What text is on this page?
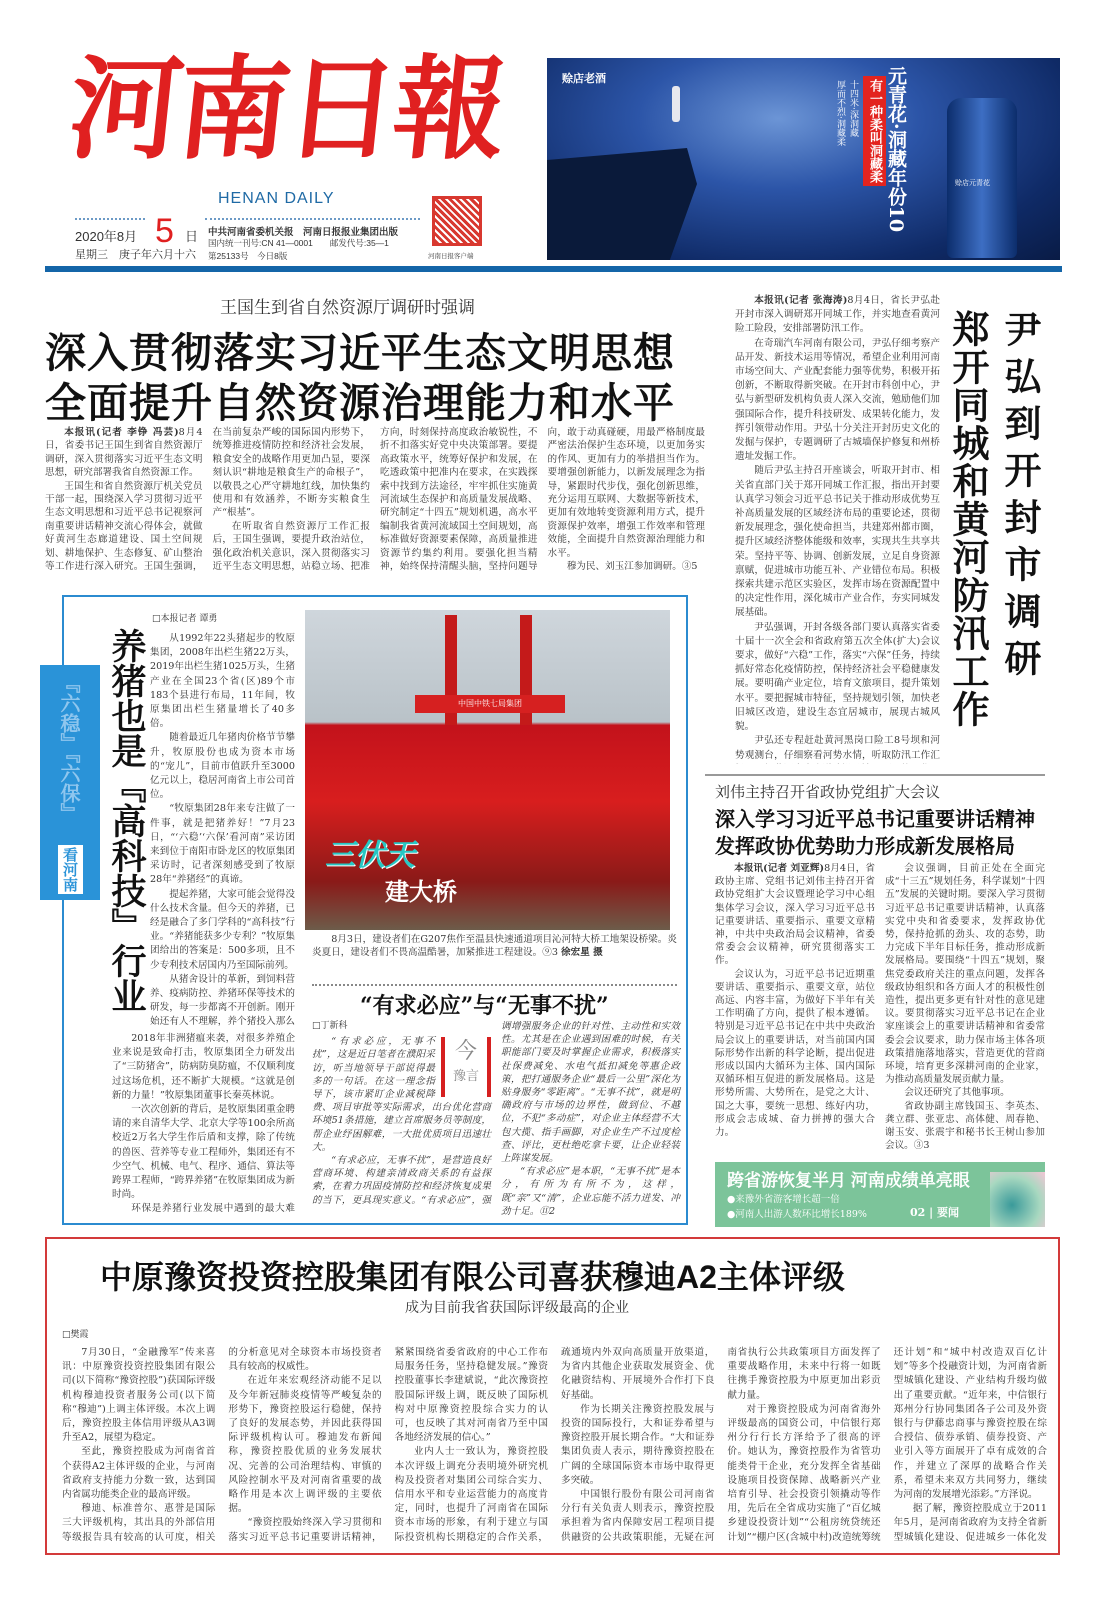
河南日報
HENAN DAILY
2020年8月 5 日
星期三　庚子年六月十六
中共河南省委机关报　河南日报报业集团出版
国内统一刊号:CN 41—0001　　邮发代号:35—1
第25133号　今日8版	河南日报客户端
赊店老酒
有一种柔叫洞藏柔
十四米·深洞藏
厚而不烈·洞藏柔 元青花·洞藏年份10	赊店元青花
王国生到省自然资源厅调研时强调
深入贯彻落实习近平生态文明思想
全面提升自然资源治理能力和水平

本报讯(记者 李铮 冯芸)8月4日，省委书记王国生到省自然资源厅调研，深入贯彻落实习近平生态文明思想，研究部署我省自然资源工作。

王国生和省自然资源厅机关党员干部一起，围绕深入学习贯彻习近平生态文明思想和习近平总书记视察河南重要讲话精神交流心得体会，就做好黄河生态廊道建设、国土空间规划、耕地保护、生态修复、矿山整治等工作进行深入研究。王国生强调，在当前复杂严峻的国际国内形势下，统筹推进疫情防控和经济社会发展，粮食安全的战略作用更加凸显，要深刻认识“耕地是粮食生产的命根子”，以敬畏之心严守耕地红线，加快集约使用和有效涵养，不断夯实粮食生产“根基”。

在听取省自然资源厅工作汇报后，王国生强调，要提升政治站位，强化政治机关意识，深入贯彻落实习近平生态文明思想，站稳立场、把准方向，时刻保持高度政治敏锐性，不折不扣落实好党中央决策部署。要提高政策水平，统筹好保护和发展，在吃透政策中把准内在要求，在实践探索中找到方法途径，牢牢抓住实施黄河流域生态保护和高质量发展战略、研究制定“十四五”规划机遇，高水平编制我省黄河流域国土空间规划，高标准做好资源要素保障，高质量推进资源节约集约利用。要强化担当精神，始终保持清醒头脑，坚持问题导向，敢于动真碰硬，用最严格制度最严密法治保护生态环境，以更加务实的作风、更加有力的举措担当作为。要增强创新能力，以新发展理念为指导，紧跟时代步伐，强化创新思维，充分运用互联网、大数据等新技术，更加有效地转变资源利用方式，提升资源保护效率，增强工作效率和管理效能，全面提升自然资源治理能力和水平。

穆为民、刘玉江参加调研。③5

本报讯(记者 张海涛)8月4日，省长尹弘赴开封市深入调研郑开同城工作，并实地查看黄河险工险段，安排部署防汛工作。

在奇瑞汽车河南有限公司，尹弘仔细考察产品开发、新技术运用等情况，希望企业利用河南市场空间大、产业配套能力强等优势，积极开拓创新，不断取得新突破。在开封市科创中心，尹弘与新型研发机构负责人深入交流，勉励他们加强国际合作，提升科技研发、成果转化能力，发挥引领带动作用。尹弘十分关注开封历史文化的发掘与保护，专题调研了古城墙保护修复和州桥遗址发掘工作。

随后尹弘主持召开座谈会，听取开封市、相关省直部门关于郑开同城工作汇报，指出开封要认真学习领会习近平总书记关于推动形成优势互补高质量发展的区域经济布局的重要论述，贯彻新发展理念，强化使命担当，共建郑州都市圈，提升区域经济整体能级和效率，实现共生共享共荣。坚持平等、协调、创新发展，立足自身资源禀赋，促进城市功能互补、产业错位布局。积极探索共建示范区实验区，发挥市场在资源配置中的决定性作用，深化城市产业合作，夯实同城发展基础。

尹弘强调，开封各级各部门要认真落实省委十届十一次全会和省政府第五次全体(扩大)会议要求，做好“六稳”工作，落实“六保”任务，持续抓好常态化疫情防控，保持经济社会平稳健康发展。要明确产业定位，培育文旅项目，提升策划水平。要把握城市特征，坚持规划引领，加快老旧城区改造，建设生态宜居城市，展现古城风貌。

尹弘还专程赶赴黄河黑岗口险工8号坝和河势观测台，仔细察看河势水情，听取防汛工作汇

尹弘到开封市调研
郑开同城和黄河防汛工作
刘伟主持召开省政协党组扩大会议
深入学习习近平总书记重要讲话精神
发挥政协优势助力形成新发展格局

本报讯(记者 刘亚辉)8月4日，省政协主席、党组书记刘伟主持召开省政协党组扩大会议暨理论学习中心组集体学习会议，深入学习习近平总书记重要讲话、重要指示、重要文章精神，中共中央政治局会议精神，省委常委会会议精神，研究贯彻落实工作。

会议认为，习近平总书记近期重要讲话、重要指示、重要文章，站位高远、内容丰富，为做好下半年有关工作明确了方向，提供了根本遵循。特别是习近平总书记在中共中央政治局会议上的重要讲话，对当前国内国际形势作出新的科学论断，提出促进形成以国内大循环为主体、国内国际双循环相互促进的新发展格局。这是形势所需、大势所在，是党之大计、国之大事，要统一思想、练好内功，形成会志成城、奋力拼搏的强大合力。

会议强调，目前正处在全面完成“十三五”规划任务，科学谋划“十四五”发展的关键时期。要深入学习贯彻习近平总书记重要讲话精神，认真落实党中央和省委要求，发挥政协优势，保持抢抓的劲头、攻的态势，助力完成下半年目标任务，推动形成新发展格局。要围绕“十四五”规划，聚焦党委政府关注的重点问题，发挥各级政协组织和各方面人才的积极性创造性，提出更多更有针对性的意见建议。要贯彻落实习近平总书记在企业家座谈会上的重要讲话精神和省委常委会会议要求，助力保市场主体各项政策措施落地落实，营造更优的营商环境，培育更多深耕河南的企业家，为推动高质量发展贡献力量。

会议还研究了其他事项。

省政协副主席钱国玉、李英杰、龚立群、张亚忠、高体健、周春艳、谢玉安、张震宇和秘书长王树山参加会议。③3

跨省游恢复半月 河南成绩单亮眼
●来豫外省游客增长超一倍
●河南人出游人数环比增长189%	02 | 要闻
『六稳』『六保』
看河南 养猪也是『高科技』行业
□本报记者 谭勇

从1992年22头猪起步的牧原集团，2008年出栏生猪22万头，2019年出栏生猪1025万头，生猪产业在全国23个省(区)89个市183个县进行布局，11年间，牧原集团出栏生猪量增长了40多倍。

随着最近几年猪肉价格节节攀升，牧原股份也成为资本市场的“宠儿”，目前市值跃升至3000亿元以上，稳居河南省上市公司首位。

“牧原集团28年来专注做了一件事，就是把猪养好！”7月23日，“‘六稳’‘六保’看河南”采访团来到位于南阳市卧龙区的牧原集团采访时，记者深刻感受到了牧原28年“养猪经”的真谛。

提起养猪，大家可能会觉得没什么技术含量。但今天的养猪，已经是融合了多门学科的“高科技”行业。“养猪能获多少专利？”牧原集团给出的答案是：500多项，且不少专利技术居国内乃至国际前列。

从猪舍设计的革新，到饲料营养、疫病防控、养猪环保等技术的研发，每一步都离不开创新。刚开始还有人不理解，养个猪投入那么

2018年非洲猪瘟来袭，对很多养殖企业来说是致命打击，牧原集团全力研发出了“三防猪舍”，防病防臭防瘟，不仅顺利度过这场危机，还不断扩大规模。“这就是创新的力量！”牧原集团董事长秦英林说。

一次次创新的背后，是牧原集团重金聘请的来自清华大学、北京大学等100余所高校近2万名大学生作后盾和支撑，除了传统的兽医、营养等专业工程师外，集团还有不少空气、机械、电气、程序、通信、算法等跨界工程师，“跨界养猪”在牧原集团成为新时尚。

环保是养猪行业发展中遇到的最大难

中国中铁七局集团
三伏天
建大桥

8月3日，建设者们在G207焦作至温县快速通道项目沁河特大桥工地架设桥梁。炎炎夏日，建设者们不畏高温酷暑，加紧推进工程建设。⑨3 徐宏星 摄

“有求必应”与“无事不扰”
□丁新科
今
豫言

“有求必应，无事不扰”，这是近日笔者在濮阳采访，听当地领导干部说得最多的一句话。在这一理念指导下，该市紧盯企业减税降费、项目审批等实际需求，出台优化营商环境51条措施，建立首席服务员等制度，帮企业纾困解难，一大批优质项目迅速壮大。

“有求必应，无事不扰”，是营造良好营商环境、构建亲清政商关系的有益探索，在着力巩固疫情防控和经济恢复成果的当下，更具现实意义。“有求必应”，强调增强服务企业的针对性、主动性和实效性。尤其是在企业遇到困难的时候，有关职能部门要及时掌握企业需求，积极落实社保费减免、水电气抵扣减免等惠企政策，把打通服务企业“最后一公里”深化为贴身服务“零距离”。“无事不扰”，就是明确政府与市场的边界性，做到位、不越位，不犯“多动症”，对企业主体经营不大包大揽、指手画脚，对企业生产不过度检查、评比，更杜绝吃拿卡要，让企业轻装上阵谋发展。

“有求必应”是本职，“无事不扰”是本分，有所为有所不为，这样，既“亲”又“清”，企业忘能不活力迸发、冲劲十足。⑪2

中原豫资投资控股集团有限公司喜获穆迪A2主体评级
成为目前我省获国际评级最高的企业
□樊霞

7月30日，“金融豫军”传来喜讯：中原豫资投资控股集团有限公司(以下简称“豫资控股”)获国际评级机构穆迪投资者服务公司(以下简称“穆迪”)上调主体评级。本次上调后，豫资控股主体信用评级从A3调升至A2，展望为稳定。

至此，豫资控股成为河南省首个获得A2主体评级的企业，与河南省政府支持能力分数一致，达到国内省属功能类企业的最高评级。

穆迪、标准普尔、惠誉是国际三大评级机构，其出具的外部信用等级报告具有较高的认可度，相关的分析意见对全球资本市场投资者具有较高的权威性。

在近年来宏观经济动能不足以及今年新冠肺炎疫情等严峻复杂的形势下，豫资控股运行稳健，保持了良好的发展态势，并因此获得国际评级机构认可。穆迪发布新闻称，豫资控股优质的业务发展状况、完善的公司治理结构、审慎的风险控制水平及对河南省重要的战略作用是本次上调评级的主要依据。

“豫资控股始终深入学习贯彻和落实习近平总书记重要讲话精神，紧紧围绕省委省政府的中心工作布局服务任务，坚持稳健发展。”豫资控股董事长李建斌说，“此次豫资控股国际评级上调，既反映了国际机构对中原豫资控股综合实力的认可，也反映了其对河南省乃至中国各地经济发展的信心。”

业内人士一致认为，豫资控股本次评级上调充分表明境外研究机构及投资者对集团公司综合实力、信用水平和专业运营能力的高度肯定，同时，也提升了河南省在国际资本市场的形象，有利于建立与国际投资机构长期稳定的合作关系，疏通境内外双向高质量开放渠道，为省内其他企业获取发展资金、优化融资结构、开展境外合作打下良好基础。

作为长期关注豫资控股发展与投资的国际投行，大和证券希望与豫资控股开展长期合作。“大和证券集团负责人表示，期待豫资控股在广阔的全球国际资本市场中取得更多突破。

中国银行股份有限公司河南省分行有关负责人则表示，豫资控股承担着为省内保障安居工程项目提供融资的公共政策职能，无疑在河南省执行公共政策项目方面发挥了重要战略作用，未来中行将一如既往携手豫资控股为中原更加出彩贡献力量。

对于豫资控股成为河南省海外评级最高的国资公司，中信银行郑州分行行长方泽给予了很高的评价。她认为，豫资控股作为省管功能类骨干企业，充分发挥全省基础设施项目投资保障、战略新兴产业培育引导、社会投资引领撬动等作用，先后在全省成功实施了“百亿城乡建设投资计划”“公租房统贷统还计划”“棚户区(含城中村)改造统筹统还计划”和“城中村改造双百亿计划”等多个投融资计划，为河南省新型城镇化建设、产业结构升级均做出了重要贡献。“近年来，中信银行郑州分行协同集团各子公司及外资银行与伊藤忠商事与豫资控股在综合授信、债券承销、债券投资、产业引入等方面展开了卓有成效的合作，并建立了深厚的战略合作关系，希望未来双方共同努力，继续为河南的发展增光添彩。”方泽说。

据了解，豫资控股成立于2011年5月，是河南省政府为支持全省新型城镇化建设、促进城乡一体化发
